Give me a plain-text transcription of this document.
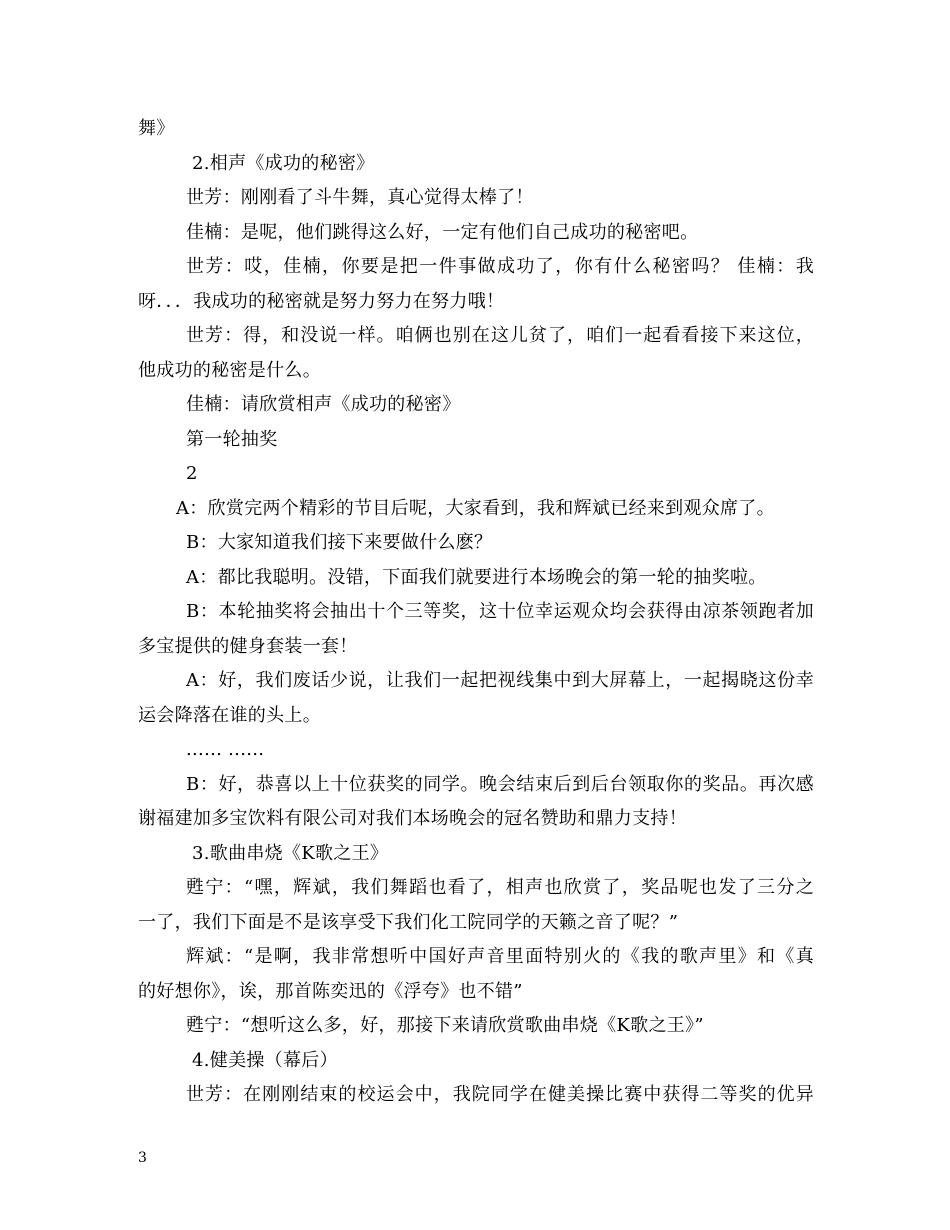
舞》
2.相声《成功的秘密》
世芳：刚刚看了斗牛舞，真心觉得太棒了！
佳楠：是呢，他们跳得这么好，一定有他们自己成功的秘密吧。
世芳：哎，佳楠，你要是把一件事做成功了，你有什么秘密吗？ 佳楠：我
呀．．．我成功的秘密就是努力努力在努力哦！
世芳：得，和没说一样。咱俩也别在这儿贫了，咱们一起看看接下来这位，
他成功的秘密是什么。
佳楠：请欣赏相声《成功的秘密》
第一轮抽奖
2
A：欣赏完两个精彩的节目后呢，大家看到，我和辉斌已经来到观众席了。
B：大家知道我们接下来要做什么麽？
A：都比我聪明。没错，下面我们就要进行本场晚会的第一轮的抽奖啦。
B：本轮抽奖将会抽出十个三等奖，这十位幸运观众均会获得由凉茶领跑者加
多宝提供的健身套装一套！
A：好，我们废话少说，让我们一起把视线集中到大屏幕上，一起揭晓这份幸
运会降落在谁的头上。
...... ......
B：好，恭喜以上十位获奖的同学。晚会结束后到后台领取你的奖品。再次感
谢福建加多宝饮料有限公司对我们本场晚会的冠名赞助和鼎力支持！
3.歌曲串烧《K歌之王》
甦宁：“嘿，辉斌，我们舞蹈也看了，相声也欣赏了，奖品呢也发了三分之
一了，我们下面是不是该享受下我们化工院同学的天籁之音了呢？”
辉斌：“是啊，我非常想听中国好声音里面特别火的《我的歌声里》和《真
的好想你》，诶，那首陈奕迅的《浮夸》也不错”
甦宁：“想听这么多，好，那接下来请欣赏歌曲串烧《K歌之王》”
4.健美操（幕后）
世芳：在刚刚结束的校运会中，我院同学在健美操比赛中获得二等奖的优异
3
